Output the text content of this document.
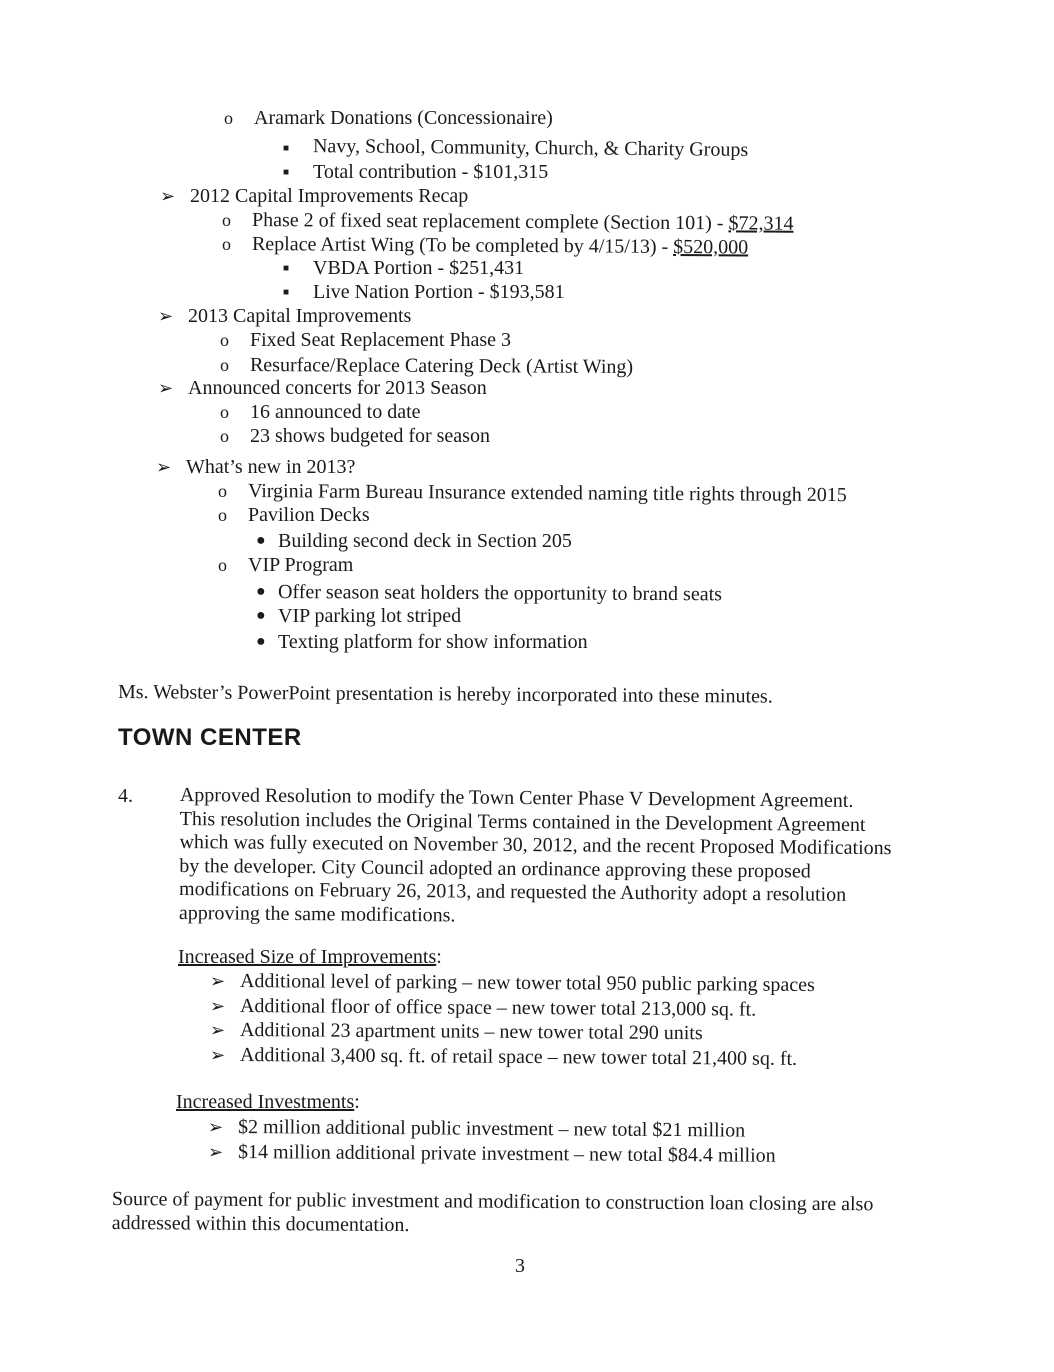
o Aramark Donations (Concessionaire)
■ Navy, School, Community, Church, & Charity Groups
■ Total contribution - $101,315
➢ 2012 Capital Improvements Recap
o Phase 2 of fixed seat replacement complete (Section 101) - $72,314
o Replace Artist Wing (To be completed by 4/15/13) - $520,000
■ VBDA Portion - $251,431
■ Live Nation Portion - $193,581
➢ 2013 Capital Improvements
o Fixed Seat Replacement Phase 3
o Resurface/Replace Catering Deck (Artist Wing)
➢ Announced concerts for 2013 Season
o 16 announced to date
o 23 shows budgeted for season
➢ What’s new in 2013?
o Virginia Farm Bureau Insurance extended naming title rights through 2015
o Pavilion Decks
● Building second deck in Section 205
o VIP Program
● Offer season seat holders the opportunity to brand seats
● VIP parking lot striped
● Texting platform for show information
Ms. Webster’s PowerPoint presentation is hereby incorporated into these minutes.
TOWN CENTER
4. Approved Resolution to modify the Town Center Phase V Development Agreement.
This resolution includes the Original Terms contained in the Development Agreement
which was fully executed on November 30, 2012, and the recent Proposed Modifications
by the developer. City Council adopted an ordinance approving these proposed
modifications on February 26, 2013, and requested the Authority adopt a resolution
approving the same modifications.
Increased Size of Improvements:
➢ Additional level of parking – new tower total 950 public parking spaces
➢ Additional floor of office space – new tower total 213,000 sq. ft.
➢ Additional 23 apartment units – new tower total 290 units
➢ Additional 3,400 sq. ft. of retail space – new tower total 21,400 sq. ft.
Increased Investments:
➢ $2 million additional public investment – new total $21 million
➢ $14 million additional private investment – new total $84.4 million
Source of payment for public investment and modification to construction loan closing are also
addressed within this documentation.
3
